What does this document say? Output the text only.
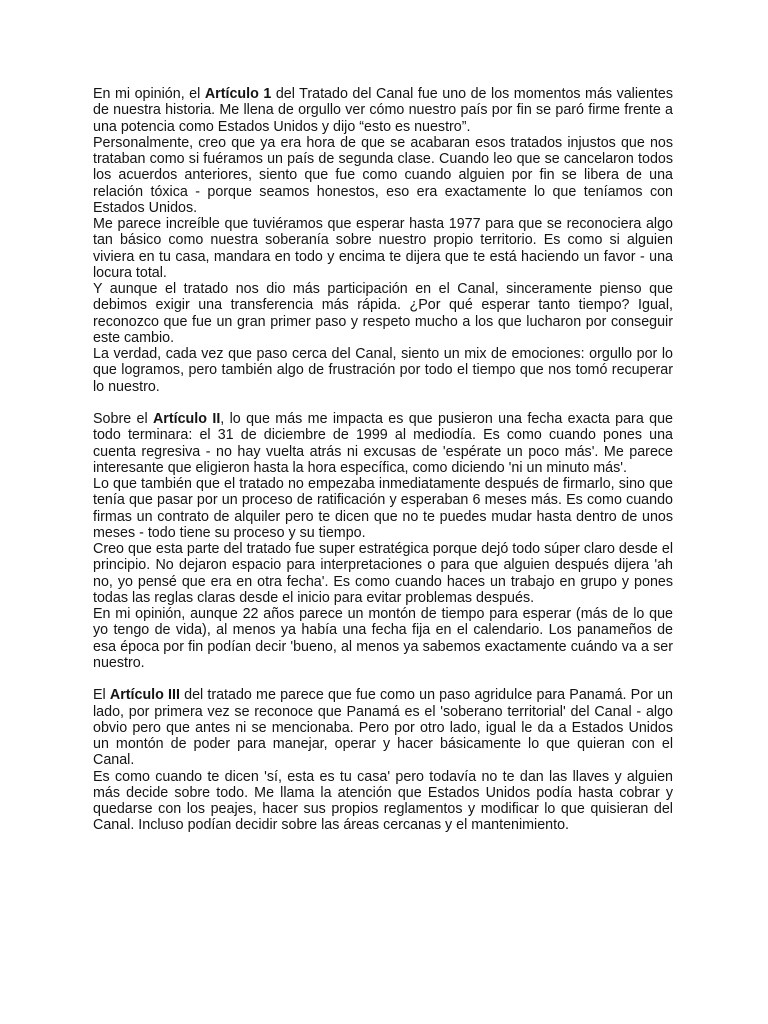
En mi opinión, el Artículo 1 del Tratado del Canal fue uno de los momentos más valientes de nuestra historia. Me llena de orgullo ver cómo nuestro país por fin se paró firme frente a una potencia como Estados Unidos y dijo “esto es nuestro”.

Personalmente, creo que ya era hora de que se acabaran esos tratados injustos que nos trataban como si fuéramos un país de segunda clase. Cuando leo que se cancelaron todos los acuerdos anteriores, siento que fue como cuando alguien por fin se libera de una relación tóxica - porque seamos honestos, eso era exactamente lo que teníamos con Estados Unidos.

Me parece increíble que tuviéramos que esperar hasta 1977 para que se reconociera algo tan básico como nuestra soberanía sobre nuestro propio territorio. Es como si alguien viviera en tu casa, mandara en todo y encima te dijera que te está haciendo un favor - una locura total.

Y aunque el tratado nos dio más participación en el Canal, sinceramente pienso que debimos exigir una transferencia más rápida. ¿Por qué esperar tanto tiempo? Igual, reconozco que fue un gran primer paso y respeto mucho a los que lucharon por conseguir este cambio.

La verdad, cada vez que paso cerca del Canal, siento un mix de emociones: orgullo por lo que logramos, pero también algo de frustración por todo el tiempo que nos tomó recuperar lo nuestro.

Sobre el Artículo II, lo que más me impacta es que pusieron una fecha exacta para que todo terminara: el 31 de diciembre de 1999 al mediodía. Es como cuando pones una cuenta regresiva - no hay vuelta atrás ni excusas de 'espérate un poco más'. Me parece interesante que eligieron hasta la hora específica, como diciendo 'ni un minuto más'.

Lo que también que el tratado no empezaba inmediatamente después de firmarlo, sino que tenía que pasar por un proceso de ratificación y esperaban 6 meses más. Es como cuando firmas un contrato de alquiler pero te dicen que no te puedes mudar hasta dentro de unos meses - todo tiene su proceso y su tiempo.

Creo que esta parte del tratado fue super estratégica porque dejó todo súper claro desde el principio. No dejaron espacio para interpretaciones o para que alguien después dijera 'ah no, yo pensé que era en otra fecha'. Es como cuando haces un trabajo en grupo y pones todas las reglas claras desde el inicio para evitar problemas después.

En mi opinión, aunque 22 años parece un montón de tiempo para esperar (más de lo que yo tengo de vida), al menos ya había una fecha fija en el calendario. Los panameños de esa época por fin podían decir 'bueno, al menos ya sabemos exactamente cuándo va a ser nuestro.

El Artículo III del tratado me parece que fue como un paso agridulce para Panamá. Por un lado, por primera vez se reconoce que Panamá es el 'soberano territorial' del Canal - algo obvio pero que antes ni se mencionaba. Pero por otro lado, igual le da a Estados Unidos un montón de poder para manejar, operar y hacer básicamente lo que quieran con el Canal.

Es como cuando te dicen 'sí, esta es tu casa' pero todavía no te dan las llaves y alguien más decide sobre todo. Me llama la atención que Estados Unidos podía hasta cobrar y quedarse con los peajes, hacer sus propios reglamentos y modificar lo que quisieran del Canal. Incluso podían decidir sobre las áreas cercanas y el mantenimiento.
